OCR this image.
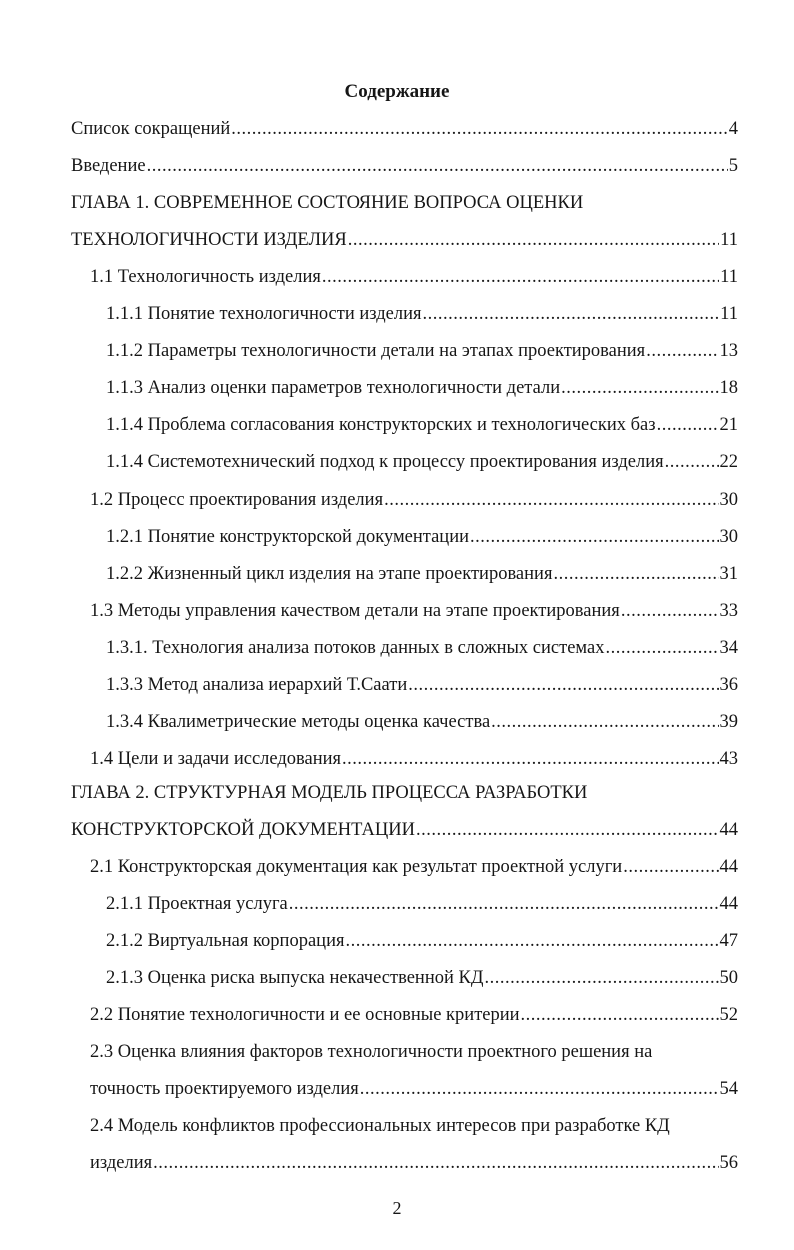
Содержание
Список сокращений .....	4
Введение .....	5
ГЛАВА 1. СОВРЕМЕННОЕ СОСТОЯНИЕ ВОПРОСА ОЦЕНКИ
ТЕХНОЛОГИЧНОСТИ ИЗДЕЛИЯ .....	11
1.1 Технологичность изделия .....	11
1.1.1 Понятие технологичности изделия .....	11
1.1.2 Параметры технологичности детали на этапах проектирования .....	13
1.1.3 Анализ оценки параметров технологичности детали .....	18
1.1.4 Проблема согласования конструкторских и технологических баз .....	21
1.1.4 Системотехнический подход к процессу проектирования изделия .....	22
1.2 Процесс проектирования изделия .....	30
1.2.1 Понятие конструкторской документации .....	30
1.2.2 Жизненный цикл изделия на этапе проектирования .....	31
1.3 Методы управления качеством детали на этапе проектирования .....	33
1.3.1. Технология анализа потоков данных в сложных системах .....	34
1.3.3 Метод анализа иерархий Т.Саати .....	36
1.3.4 Квалиметрические методы оценка качества .....	39
1.4 Цели и задачи исследования .....	43
ГЛАВА 2. СТРУКТУРНАЯ МОДЕЛЬ ПРОЦЕССА РАЗРАБОТКИ
КОНСТРУКТОРСКОЙ ДОКУМЕНТАЦИИ .....	44
2.1 Конструкторская документация как результат проектной услуги .....	44
2.1.1 Проектная услуга .....	44
2.1.2 Виртуальная корпорация .....	47
2.1.3 Оценка риска выпуска некачественной КД .....	50
2.2 Понятие технологичности и ее основные критерии .....	52
2.3 Оценка влияния факторов технологичности проектного решения на
точность проектируемого изделия .....	54
2.4 Модель конфликтов профессиональных интересов при разработке КД
изделия .....	56
2
